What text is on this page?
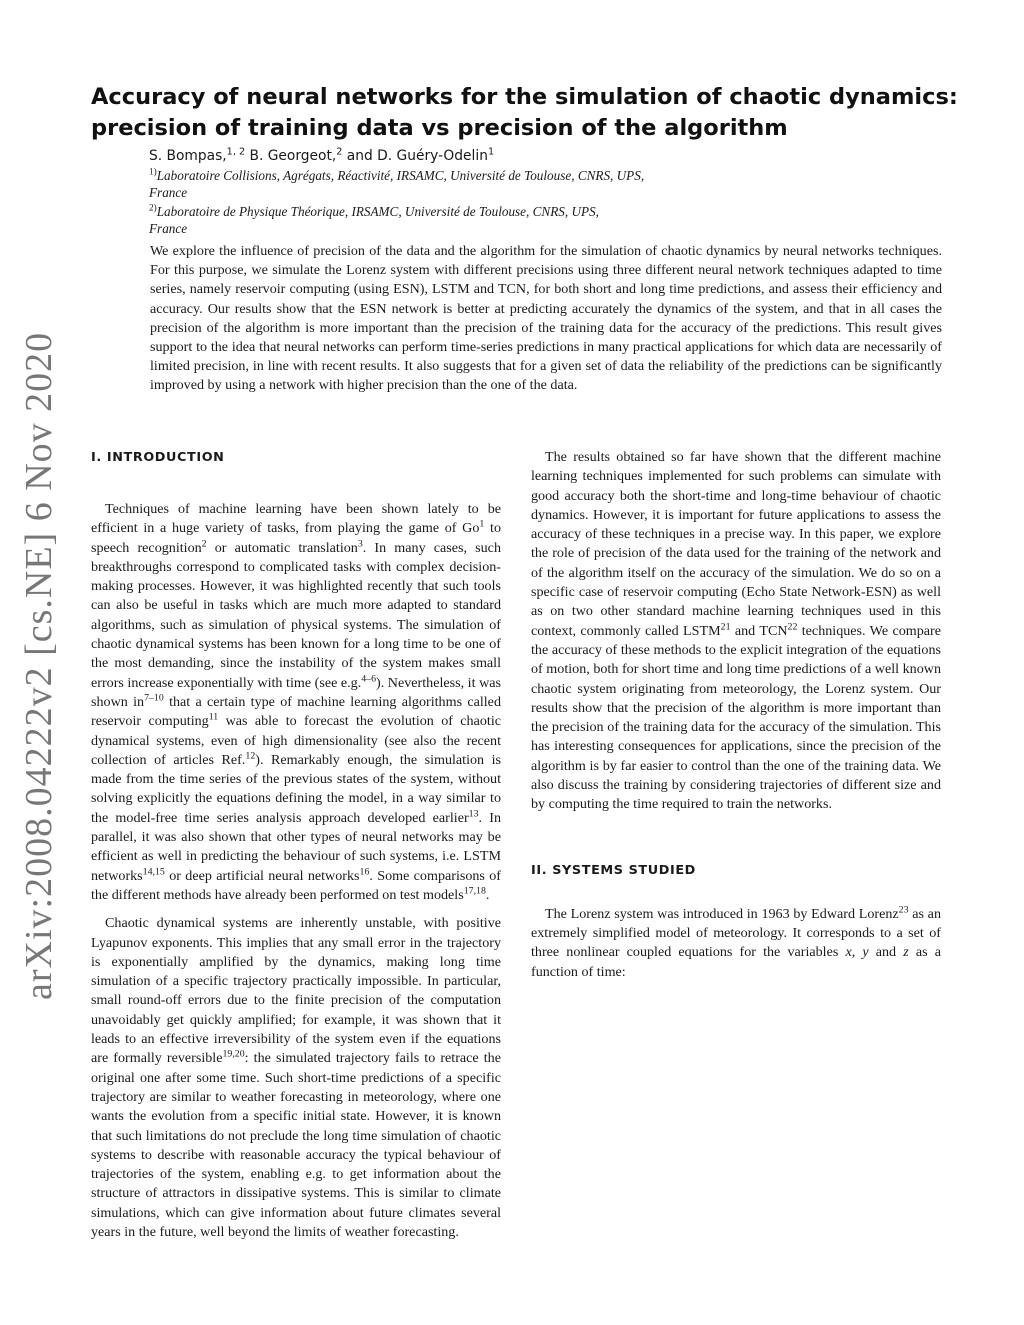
arXiv:2008.04222v2 [cs.NE] 6 Nov 2020
Accuracy of neural networks for the simulation of chaotic dynamics:
precision of training data vs precision of the algorithm

S. Bompas,$^{1, 2}$ B. Georgeot,$^2$ and D. Guéry-Odelin$^1$

$^{1)}$Laboratoire Collisions, Agrégats, Réactivité, IRSAMC, Université de Toulouse, CNRS, UPS,
France

$^{2)}$Laboratoire de Physique Théorique, IRSAMC, Université de Toulouse, CNRS, UPS,
France

We explore the influence of precision of the data and the algorithm for the simulation of chaotic dynamics by neural networks techniques. For this purpose, we simulate the Lorenz system with different precisions using three different neural network techniques adapted to time series, namely reservoir computing (using ESN), LSTM and TCN, for both short and long time predictions, and assess their efficiency and accuracy. Our results show that the ESN network is better at predicting accurately the dynamics of the system, and that in all cases the precision of the algorithm is more important than the precision of the training data for the accuracy of the predictions. This result gives support to the idea that neural networks can perform time-series predictions in many practical applications for which data are necessarily of limited precision, in line with recent results. It also suggests that for a given set of data the reliability of the predictions can be significantly improved by using a network with higher precision than the one of the data.

I. INTRODUCTION

Techniques of machine learning have been shown lately to be efficient in a huge variety of tasks, from playing the game of Go$^1$ to speech recognition$^2$ or automatic translation$^3$. In many cases, such breakthroughs correspond to complicated tasks with complex decision-making processes. However, it was highlighted recently that such tools can also be useful in tasks which are much more adapted to standard algorithms, such as simulation of physical systems. The simulation of chaotic dynamical systems has been known for a long time to be one of the most demanding, since the instability of the system makes small errors increase exponentially with time (see e.g.$^{4-6}$). Nevertheless, it was shown $in^{7-10}$ that a certain type of machine learning algorithms called reservoir computing$^{11}$ was able to forecast the evolution of chaotic dynamical systems, even of high dimensionality (see also the recent collection of articles Ref.$^{12}$). Remarkably enough, the simulation is made from the time series of the previous states of the system, without solving explicitly the equations defining the model, in a way similar to the model-free time series analysis approach developed earlier$^{13}$. In parallel, it was also shown that other types of neural networks may be efficient as well in predicting the behaviour of such systems, i.e. LSTM networks$^{14,15}$ or deep artificial neural networks$^{16}$. Some comparisons of the different methods have already been performed on test models$^{17,18}$.

Chaotic dynamical systems are inherently unstable, with positive Lyapunov exponents. This implies that any small error in the trajectory is exponentially amplified by the dynamics, making long time simulation of a specific trajectory practically impossible. In particular, small round-off errors due to the finite precision of the computation unavoidably get quickly amplified; for example, it was shown that it leads to an effective irreversibility of the system even if the equations are formally reversible$^{19,20}$: the simulated trajectory fails to retrace the original one after some time. Such short-time predictions of a specific trajectory are similar to weather forecasting in meteorology, where one wants the evolution from a specific initial state. However, it is known that such limitations do not preclude the long time simulation of chaotic systems to describe with reasonable accuracy the typical behaviour of trajectories of the system, enabling e.g. to get information about the structure of attractors in dissipative systems. This is similar to climate simulations, which can give information about future climates several years in the future, well beyond the limits of weather forecasting.

The results obtained so far have shown that the different machine learning techniques implemented for such problems can simulate with good accuracy both the short-time and long-time behaviour of chaotic dynamics. However, it is important for future applications to assess the accuracy of these techniques in a precise way. In this paper, we explore the role of precision of the data used for the training of the network and of the algorithm itself on the accuracy of the simulation. We do so on a specific case of reservoir computing (Echo State Network-ESN) as well as on two other standard machine learning techniques used in this context, commonly called LSTM$^{21}$ and TCN$^{22}$ techniques. We compare the accuracy of these methods to the explicit integration of the equations of motion, both for short time and long time predictions of a well known chaotic system originating from meteorology, the Lorenz system. Our results show that the precision of the algorithm is more important than the precision of the training data for the accuracy of the simulation. This has interesting consequences for applications, since the precision of the algorithm is by far easier to control than the one of the training data. We also discuss the training by considering trajectories of different size and by computing the time required to train the networks.

II. SYSTEMS STUDIED

The Lorenz system was introduced in 1963 by Edward Lorenz$^{23}$ as an extremely simplified model of meteorology. It corresponds to a set of three nonlinear coupled equations for the variables x, y and z as a function of time:
